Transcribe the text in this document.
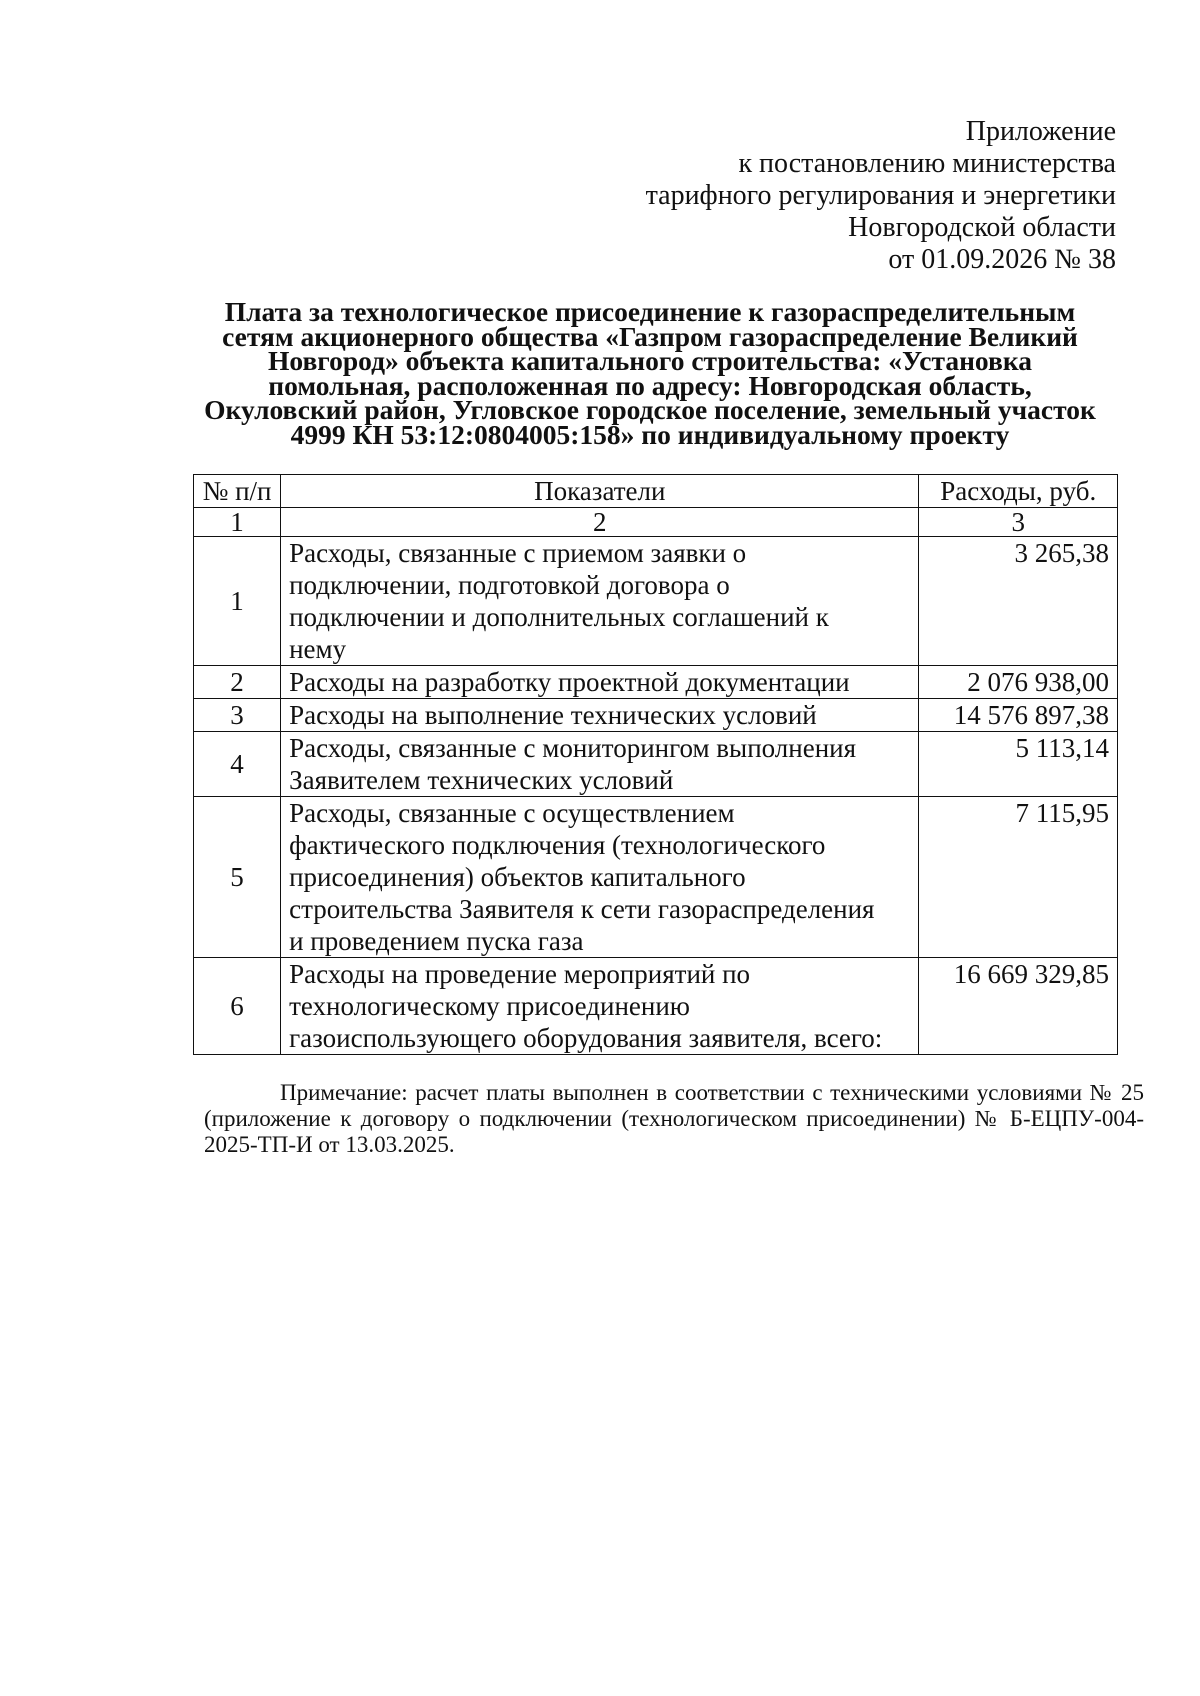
Приложение
к постановлению министерства
тарифного регулирования и энергетики
Новгородской области
от 01.09.2026 № 38
Плата за технологическое присоединение к газораспределительным
сетям акционерного общества «Газпром газораспределение Великий
Новгород» объекта капитального строительства: «Установка
помольная, расположенная по адресу: Новгородская область,
Окуловский район, Угловское городское поселение, земельный участок
4999 КН 53:12:0804005:158» по индивидуальному проекту
№ п/п	Показатели	Расходы, руб.
1	2	3
1	Расходы, связанные с приемом заявки о
подключении, подготовкой договора о
подключении и дополнительных соглашений к
нему	3 265,38
2	Расходы на разработку проектной документации	2 076 938,00
3	Расходы на выполнение технических условий	14 576 897,38
4	Расходы, связанные с мониторингом выполнения
Заявителем технических условий	5 113,14
5	Расходы, связанные с осуществлением
фактического подключения (технологического
присоединения) объектов капитального
строительства Заявителя к сети газораспределения
и проведением пуска газа	7 115,95
6	Расходы на проведение мероприятий по
технологическому присоединению
газоиспользующего оборудования заявителя, всего:	16 669 329,85
Примечание: расчет платы выполнен в соответствии с техническими условиями № 25 (приложение к договору о подключении (технологическом присоединении) № Б-ЕЦПУ-004-2025-ТП-И от 13.03.2025.
